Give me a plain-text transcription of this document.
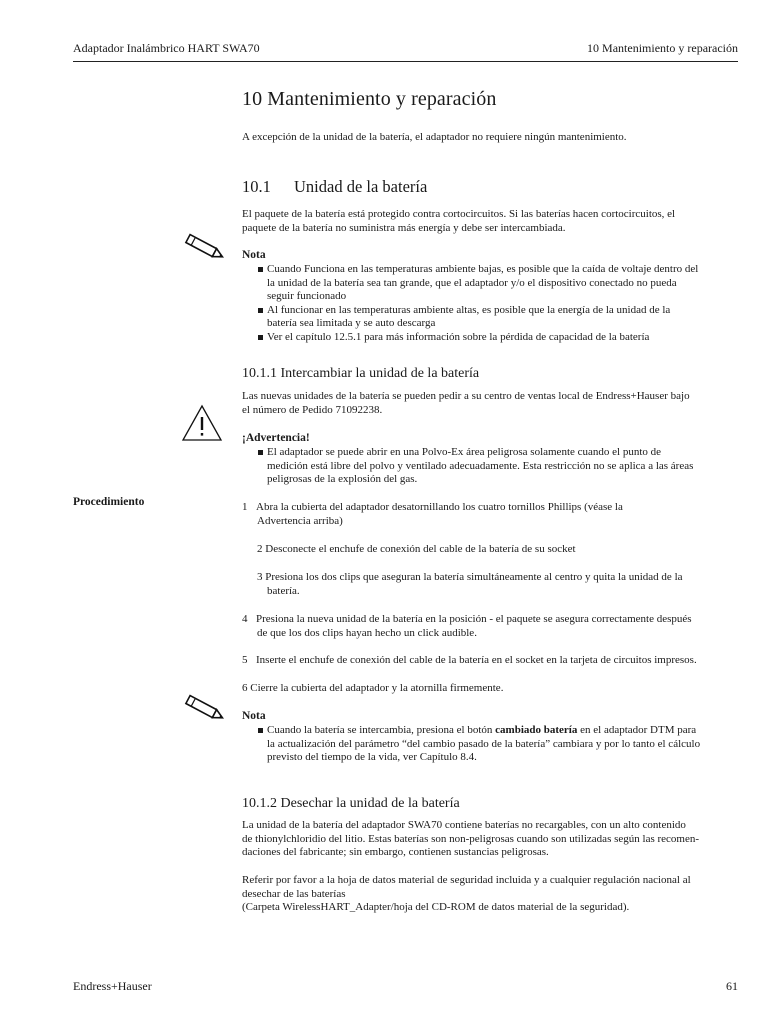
Adaptador Inalámbrico HART SWA70	10 Mantenimiento y reparación
10 Mantenimiento y reparación

A excepción de la unidad de la batería, el adaptador no requiere ningún mantenimiento.

10.1 Unidad de la batería

El paquete de la batería está protegido contra cortocircuitos. Si las baterías hacen cortocircuitos, el
paquete de la batería no suministra más energía y debe ser intercambiada.

Nota
Cuando Funciona en las temperaturas ambiente bajas, es posible que la caída de voltaje dentro del
la unidad de la batería sea tan grande, que el adaptador y/o el dispositivo conectado no pueda
seguir funcionado
Al funcionar en las temperaturas ambiente altas, es posible que la energía de la unidad de la
batería sea limitada y se auto descarga
Ver el capítulo 12.5.1 para más información sobre la pérdida de capacidad de la batería
10.1.1 Intercambiar la unidad de la batería

Las nuevas unidades de la batería se pueden pedir a su centro de ventas local de Endress+Hauser bajo
el número de Pedido 71092238.

¡Advertencia!
El adaptador se puede abrir en una Polvo-Ex área peligrosa solamente cuando el punto de
medición está libre del polvo y ventilado adecuadamente. Esta restricción no se aplica a las áreas
peligrosas de la explosión del gas.
Procedimiento	1 Abra la cubierta del adaptador desatornillando los cuatro tornillos Phillips (véase la
Advertencia arriba)
2 Desconecte el enchufe de conexión del cable de la batería de su socket
3 Presiona los dos clips que aseguran la batería simultáneamente al centro y quita la unidad de la
batería.
4 Presiona la nueva unidad de la batería en la posición - el paquete se asegura correctamente después
de que los dos clips hayan hecho un click audible.
5 Inserte el enchufe de conexión del cable de la batería en el socket en la tarjeta de circuitos impresos.
6 Cierre la cubierta del adaptador y la atornilla firmemente.
Nota
Cuando la batería se intercambia, presiona el botón cambiado batería en el adaptador DTM para
la actualización del parámetro “del cambio pasado de la batería” cambiara y por lo tanto el cálculo
previsto del tiempo de la vida, ver Capítulo 8.4.
10.1.2 Desechar la unidad de la batería

La unidad de la batería del adaptador SWA70 contiene baterías no recargables, con un alto contenido
de thionylchloridio del litio. Estas baterías son non-peligrosas cuando son utilizadas según las recomen-
daciones del fabricante; sin embargo, contienen sustancias peligrosas.

Referir por favor a la hoja de datos material de seguridad incluida y a cualquier regulación nacional al
desechar de las baterías
(Carpeta WirelessHART_Adapter/hoja del CD-ROM de datos material de la seguridad).

Endress+Hauser	61
